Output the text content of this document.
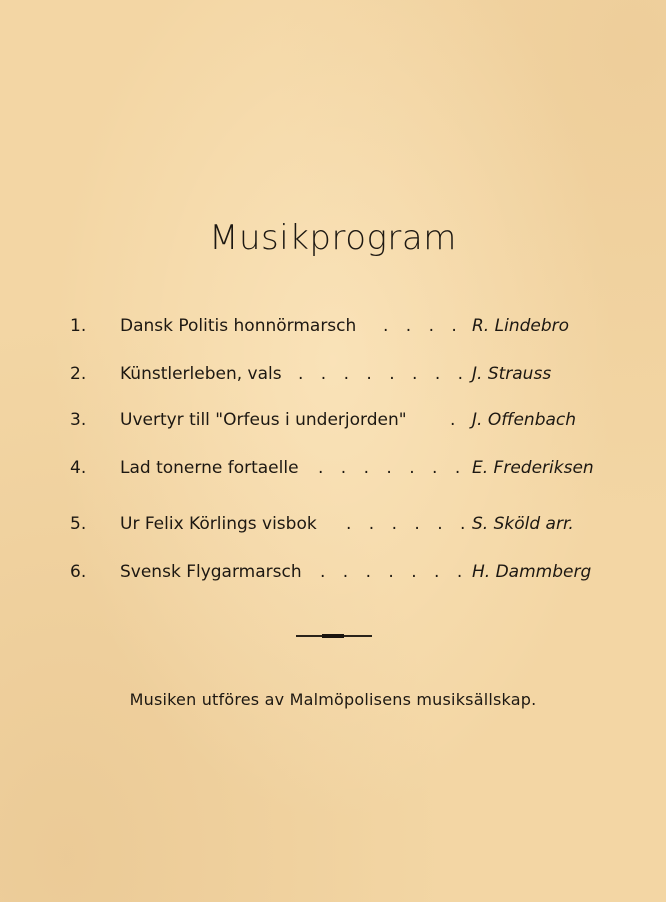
Musikprogram
1.	Dansk Politis honnörmarsch . . . . R. Lindebro
2.	Künstlerleben, vals . . . . . . . . J. Strauss
3.	Uvertyr till "Orfeus i underjorden"	. J. Offenbach
4.	Lad tonerne fortaelle . . . . . . . E. Frederiksen
5.	Ur Felix Körlings visbok . . . . . . S. Sköld arr.
6.	Svensk Flygarmarsch . . . . . . . H. Dammberg
Musiken utföres av Malmöpolisens musiksällskap.
